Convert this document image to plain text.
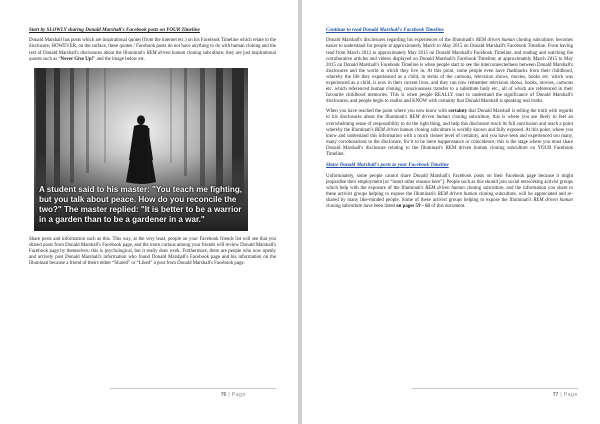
Start by SLOWLY sharing Donald Marshall's Facebook posts on YOUR Timeline

Donald Marshall has posts which are inspirational quotes (from the internet etc.) on his Facebook Timeline which relate to the disclosure; HOWEVER, on the surface, these quotes / Facebook posts do not have anything to do with human cloning and the rest of Donald Marshall's disclosures about the Illuminati's REM driven human cloning subculture; they are just inspirational quotes such as “Never Give Up!” and the image below etc.

A student said to his master: "You teach me fighting, but you talk about peace. How do you reconcile the two?" The master replied: "It is better to be a warrior in a garden than to be a gardener in a war."

Share posts and information such as this. This way, at the very least, people on your Facebook friends list will see that you shared posts from Donald Marshall's Facebook page, and the more curious among your friends will review Donald Marshall's Facebook page by themselves; this is psychological, but it really does work. Furthermore, there are people who now openly and actively post Donald Marshall's information who found Donald Marshall's Facebook page and his information on the Illuminati because a friend of theirs either “Shared” or “Liked” a post from Donald Marshall's Facebook page.

76 | Page
Continue to read Donald Marshall's Facebook Timeline

Donald Marshall's disclosures regarding his experiences of the Illuminati's REM driven human cloning subculture; becomes easier to understand for people at approximately March to May 2015 on Donald Marshall's Facebook Timeline. From having read from March 2012 to approximately May 2015 on Donald Marshall's Facebook Timeline, and reading and watching the corroborative articles and videos displayed on Donald Marshall's Facebook Timeline; at approximately March 2015 to May 2015 on Donald Marshall's Facebook Timeline is when people start to see the interconnectedness between Donald Marshall's disclosures and the world in which they live in. At this point, some people even have flashbacks from their childhood, whereby the life they experienced as a child, in terms of the cartoons, television shows, movies, books etc. which was experienced as a child, is now in their current lives, and they can now remember television shows, books, movies, cartoons etc. which referenced human cloning, consciousness transfer to a substitute body etc., all of which are referenced in their favourite childhood memories. This is when people REALLY start to understand the significance of Donald Marshall's disclosures, and people begin to realise and KNOW with certainty that Donald Marshall is speaking real truths.

When you have reached the point where you now know with certainty that Donald Marshall is telling the truth with regards to his disclosures about the Illuminati's REM driven human cloning subculture, this is where you are likely to feel an overwhelming sense of responsibility to do the right thing, and help this disclosure reach its full conclusion and reach a point whereby the Illuminati's REM driven human cloning subculture is worldly known and fully exposed. At this point, where you know and understand this information with a much clearer level of certainty, and you have seen and experienced too many, many corroborations to the disclosure, for it to be mere happenstance or coincidence; this is the stage where you must share Donald Marshall's disclosure relating to the Illuminati's REM driven human cloning subculture on YOUR Facebook Timeline.

Share Donald Marshall's posts to your Facebook Timeline

Unfortunately, some people cannot share Donald Marshall's Facebook posts on their Facebook page because it might jeopardise their employment [or “insert other reasons here”]. People such as this should join social networking activist groups which help with the exposure of the Illuminati's REM driven human cloning subculture, and the information you share to these activist groups helping to expose the Illuminati's REM driven human cloning subculture, will be appreciated and re-shared by many like-minded people. Some of these activist groups helping to expose the Illuminati's REM driven human cloning subculture have been listed on pages 59 – 61 of this document.

77 | Page
